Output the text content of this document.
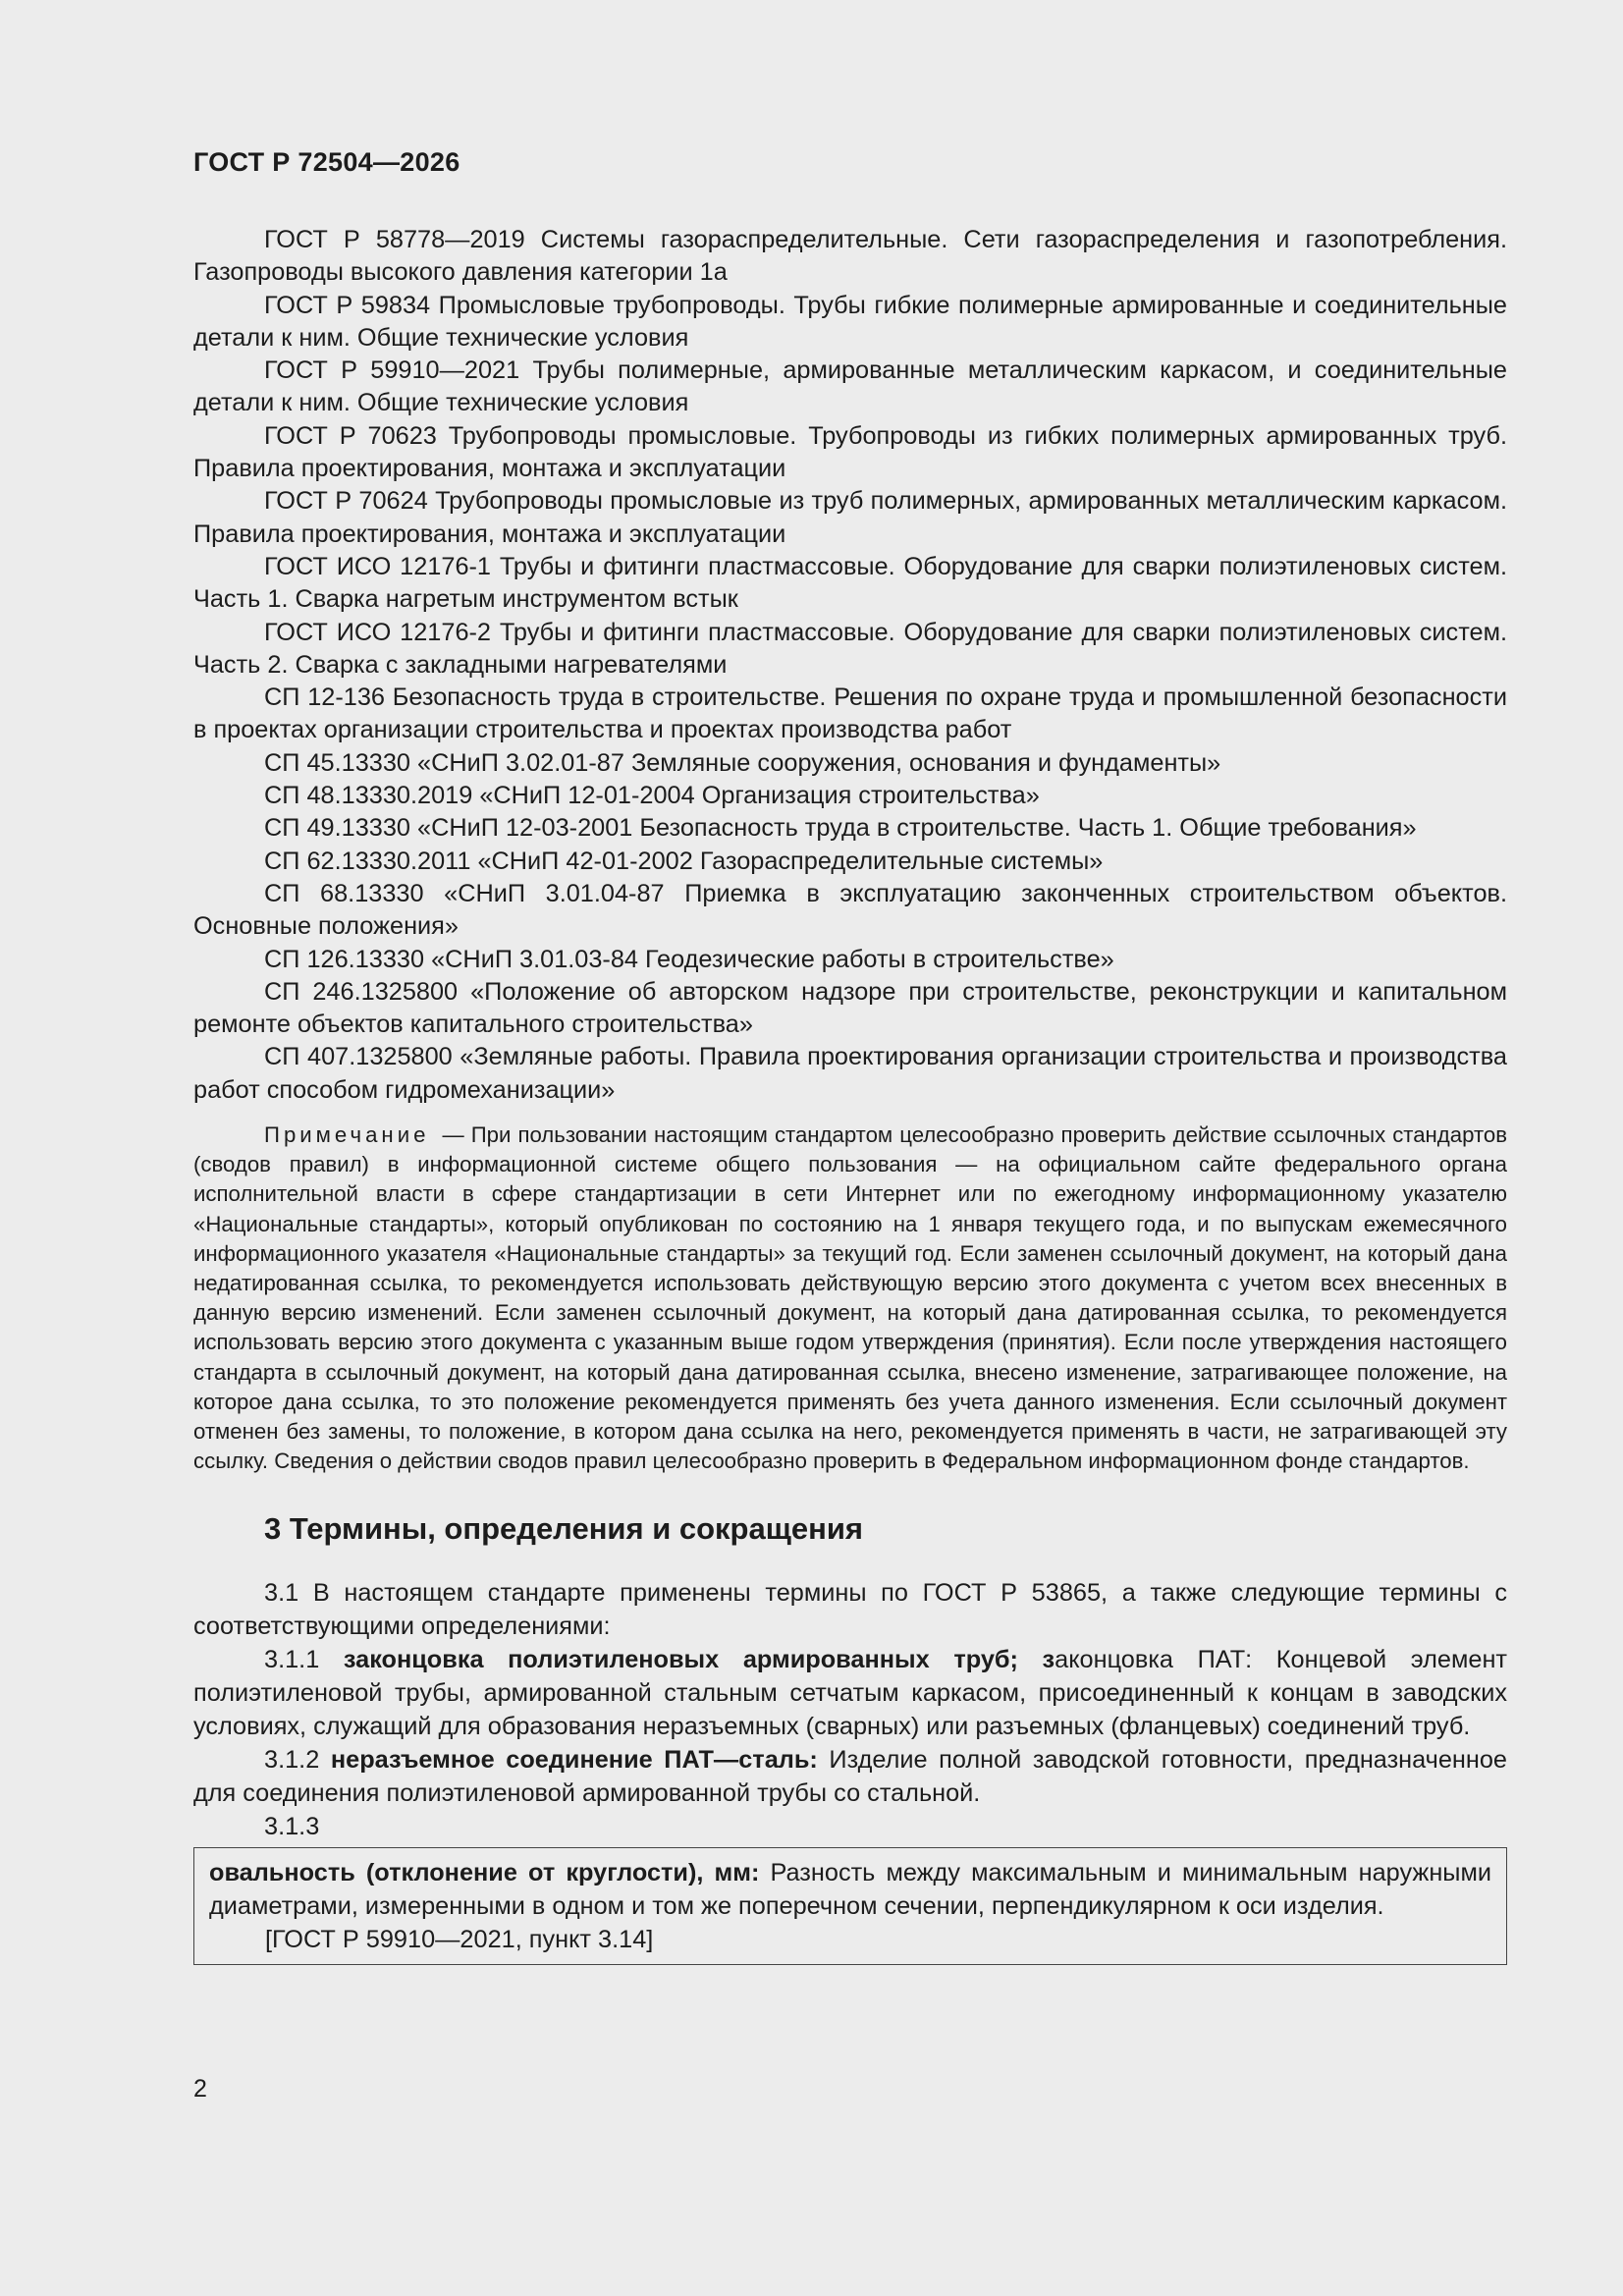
ГОСТ Р 72504—2026

ГОСТ Р 58778—2019 Системы газораспределительные. Сети газораспределения и газопотребления. Газопроводы высокого давления категории 1а

ГОСТ Р 59834 Промысловые трубопроводы. Трубы гибкие полимерные армированные и соединительные детали к ним. Общие технические условия

ГОСТ Р 59910—2021 Трубы полимерные, армированные металлическим каркасом, и соединительные детали к ним. Общие технические условия

ГОСТ Р 70623 Трубопроводы промысловые. Трубопроводы из гибких полимерных армированных труб. Правила проектирования, монтажа и эксплуатации

ГОСТ Р 70624 Трубопроводы промысловые из труб полимерных, армированных металлическим каркасом. Правила проектирования, монтажа и эксплуатации

ГОСТ ИСО 12176-1 Трубы и фитинги пластмассовые. Оборудование для сварки полиэтиленовых систем. Часть 1. Сварка нагретым инструментом встык

ГОСТ ИСО 12176-2 Трубы и фитинги пластмассовые. Оборудование для сварки полиэтиленовых систем. Часть 2. Сварка с закладными нагревателями

СП 12-136 Безопасность труда в строительстве. Решения по охране труда и промышленной безопасности в проектах организации строительства и проектах производства работ

СП 45.13330 «СНиП 3.02.01-87 Земляные сооружения, основания и фундаменты»

СП 48.13330.2019 «СНиП 12-01-2004 Организация строительства»

СП 49.13330 «СНиП 12-03-2001 Безопасность труда в строительстве. Часть 1. Общие требования»

СП 62.13330.2011 «СНиП 42-01-2002 Газораспределительные системы»

СП 68.13330 «СНиП 3.01.04-87 Приемка в эксплуатацию законченных строительством объектов. Основные положения»

СП 126.13330 «СНиП 3.01.03-84 Геодезические работы в строительстве»

СП 246.1325800 «Положение об авторском надзоре при строительстве, реконструкции и капитальном ремонте объектов капитального строительства»

СП 407.1325800 «Земляные работы. Правила проектирования организации строительства и производства работ способом гидромеханизации»

Примечание — При пользовании настоящим стандартом целесообразно проверить действие ссылочных стандартов (сводов правил) в информационной системе общего пользования — на официальном сайте федерального органа исполнительной власти в сфере стандартизации в сети Интернет или по ежегодному информационному указателю «Национальные стандарты», который опубликован по состоянию на 1 января текущего года, и по выпускам ежемесячного информационного указателя «Национальные стандарты» за текущий год. Если заменен ссылочный документ, на который дана недатированная ссылка, то рекомендуется использовать действующую версию этого документа с учетом всех внесенных в данную версию изменений. Если заменен ссылочный документ, на который дана датированная ссылка, то рекомендуется использовать версию этого документа с указанным выше годом утверждения (принятия). Если после утверждения настоящего стандарта в ссылочный документ, на который дана датированная ссылка, внесено изменение, затрагивающее положение, на которое дана ссылка, то это положение рекомендуется применять без учета данного изменения. Если ссылочный документ отменен без замены, то положение, в котором дана ссылка на него, рекомендуется применять в части, не затрагивающей эту ссылку. Сведения о действии сводов правил целесообразно проверить в Федеральном информационном фонде стандартов.

3 Термины, определения и сокращения

3.1 В настоящем стандарте применены термины по ГОСТ Р 53865, а также следующие термины с соответствующими определениями:

3.1.1 законцовка полиэтиленовых армированных труб; законцовка ПАТ: Концевой элемент полиэтиленовой трубы, армированной стальным сетчатым каркасом, присоединенный к концам в заводских условиях, служащий для образования неразъемных (сварных) или разъемных (фланцевых) соединений труб.

3.1.2 неразъемное соединение ПАТ—сталь: Изделие полной заводской готовности, предназначенное для соединения полиэтиленовой армированной трубы со стальной.

3.1.3

овальность (отклонение от круглости), мм: Разность между максимальным и минимальным наружными диаметрами, измеренными в одном и том же поперечном сечении, перпендикулярном к оси изделия.

[ГОСТ Р 59910—2021, пункт 3.14]

2
